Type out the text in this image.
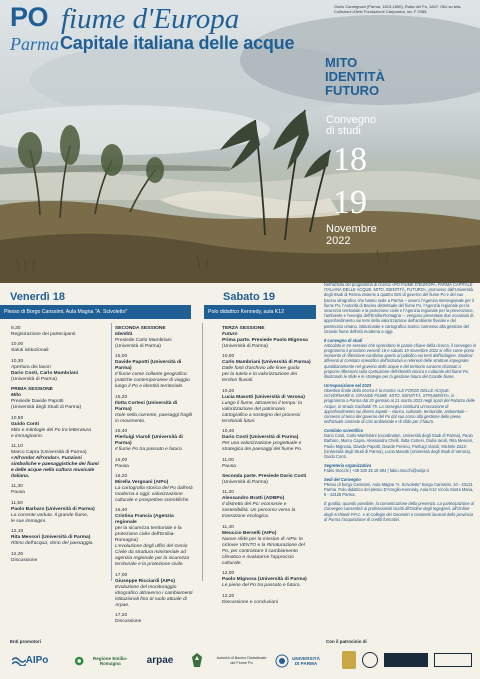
Giulio Carmignani (Parma, 1813-1890), Rotta del Po, 1847. Olio su tela. Collezioni d'Arte Fondazione Cariparma, inv. F 2985.
PO fiume d'Europa
Parma Capitale italiana delle acque
MITO
IDENTITÀ
FUTURO
Convegno
di studi
18
19
Novembre
2022
Venerdì 18
Plesso di Borgo Carissimi, Aula Magna "A. Scivoletto"
9,30
Registrazione dei partecipanti
10,00
Saluti istituzionali
10,30
Apertura dei lavori
Dario Costi, Carlo Mambriani
(Università di Parma)
PRIMA SESSIONE
Mito
Presiede Davide Papotti
(Università degli Studi di Parma)
10,50
Guido Conti
Mito e mitologie del Po tra letteratura
e immaginario.
11,10
Marco Capra (Università di Parma)
«All'onda! All'onda!». Funzioni
simboliche e paesaggistiche dei fiumi
e delle acque nella cultura musicale
italiana.
11,30
Pausa
11,50
Paolo Barbaro (Università di Parma)
La corrente veduta. Il grande fiume,
le sue immagini.
12,10
Rita Messori (Università di Parma)
Ritmo dell'acqua, ritmo del paesaggio.
12,30
Discussione
SECONDA SESSIONE
Identità
Presiede Carlo Mambriani
(Università di Parma)
15,00
Davide Papotti (Università di Parma)
Il fiume come collante geografico:
pratiche contemporanee di viaggio
lungo il Po e identità territoriale.
15,20
Ilotta Cortesi (Università di Parma)
Isole nella corrente, paesaggi fragili
in movimento.
15,40
Pierluigi Viaroli (Università di Parma)
Il fiume Po tra passato e futuro.
16,00
Pausa
16,20
Mirella Vergnani (AIPo)
La cartografia storica del Po dall'età
moderna a oggi: valorizzazione
culturale e prospettive scientifiche.
16,40
Cristina Francia (Agenzia regionale
per la sicurezza territoriale e la
protezione civile dell'Emilia-Romagna)
L'evoluzione degli uffici del Genio
Civile da struttura ministeriale ad
agenzia regionale per la sicurezza
territoriale e la protezione civile.
17,00
Giuseppe Ricciardi (AIPo)
Evoluzione del monitoraggio
idrografico attraverso i cambiamenti
istituzionali fino al ruolo attuale di
Arpae.
17,20
Discussione
Sabato 19
Polo didattico Kennedy, aula K12
TERZA SESSIONE
Futuro
Prima parte. Presiede Paolo Mignosa
(Università di Parma)
10,00
Carlo Mambriani (Università di Parma)
Dalle fonti d'archivio alle linee guida
per la tutela e la valorizzazione dei
territori fluviali.
10,20
Lucia Masotti (Università di Verona)
Lungo il fiume, attraverso il tempo: la
valorizzazione del patrimonio
cartografico a sostegno dei processi
territoriali futuri.
10,40
Dario Costi (Università di Parma)
Per una valorizzazione progettuale e
strategica dei paesaggi del fiume Po.
11,00
Pausa
Seconda parte. Presiede Dario Costi
(Università di Parma)
11,20
Alessandro Bratti (ADBPo)
Il distretto del Po: economie e
sostenibilità. Un percorso verso la
transizione ecologica.
11,40
Meuccio Berselli (AIPo)
Nuove sfide per la mission di AIPo: le
ciclovie VENTO e la Rinaturazione del
Po, per contrastare il cambiamento
climatico e rivalutarne l'approccio
culturale.
12,00
Paolo Mignosa (Università di Parma)
Le piene del Po tra passato e futuro.
12,20
Discussione e conclusioni

Nell'ambito del programma di ricerca «PO FIUME D'EUROPA, PARMA CAPITALE ITALIANA DELLE ACQUE. MITO, IDENTITÀ, FUTURO», promosso dall'Università degli Studi di Parma insieme a quattro Enti di governo del fiume Po e del suo bacino idrografico che hanno sede a Parma – ovvero l'Agenzia Interregionale per il fiume Po, l'Autorità di Bacino distrettuale del fiume Po, l'Agenzia regionale per la sicurezza territoriale e la protezione civile e l'Agenzia regionale per la prevenzione, l'ambiente e l'energia dell'Emilia-Romagna –, vengono presentate due occasioni di approfondimento sui temi della valorizzazione dell'ambiente fluviale e del patrimonio umano, istituzionale e cartografico storico connesso alla gestione del Grande fiume dell'età moderna a oggi.

Il convegno di studi
Articolato in tre sessioni che riprendono le parole chiave della ricerca, il convegno in programma il prossimo venerdì 18 e sabato 19 novembre 2022 si offre come primo momento di riflessione condivisa aperto al pubblico sui temi dell'indagine. Studiosi afferenti al comitato scientifico dell'iniziativa e referenti delle strutture impegnate quotidianamente nel governo delle acque e del territorio saranno chiamati a proporre riflessioni sulla costruzione dell'identità storica e culturale del fiume Po, illustrando le sfide e le strategie per la gestione futura del Grande fiume.

Un'esposizione nel 2023
Obiettivo finale della ricerca è la mostra «LE FORZE DELLE ACQUE. GOVERNARE IL GRANDE FIUME. MITO, IDENTITÀ, STRUMENTI», in programma a Parma dal 20 gennaio al 21 marzo 2023 negli spazi del Palazzo delle Acque, in strada Garibaldi 75. La rassegna costituirà un'occasione di approfondimento sui diversi aspetti – storico, culturale, territoriale, ambientale – connessi al tema del governo del Po dal suo corso alla gestione delle piene, nell'attuale contesto di crisi ambientale e di sfide per il futuro.

Comitato scientifico
Dario Costi, Carlo Mambriani (coordinatori, Università degli Studi di Parma), Paolo Barbaro, Marco Capra, Alessandra Chelli, Ilotta Cortesi, Giulia Iacoli, Rita Messori, Paolo Mignosa, Davide Papotti, Davide Persico, Pierluigi Viaroli, Michele Zazzi (Università degli Studi di Parma), Lucia Masotti (Università degli Studi di Verona), Guido Conti.

Segreteria organizzativa
Fabio Stocchi | +39 340 26 18 694 | fabio.stocchi@unipr.it

Sedi del Convegno
Plesso di borgo Carissimi, Aula Magna "A. Scivoletto" Borgo Carissimi, 10 - 43121 Parma. Polo didattico del plesso D'Azeglio-Kennedy, Aula K12 Vicolo Santa Maria, 5 - 43125 Parma.

È gradita, quando possibile, la comunicazione della presenza. La partecipazione al Convegno consentirà ai professionisti iscritti all'Ordine degli Ingegneri, all'Ordine degli Architetti P.P.C. e al Collegio dei Geometri e Geometri laureati della provincia di Parma l'acquisizione di crediti formativi.

Enti promotori	Con il patrocinio di
AIPo	Regione Emilia-Romagna	arpae	Autorità di Bacino Distrettuale del Fiume Po
UNIVERSITÀ DI PARMA
